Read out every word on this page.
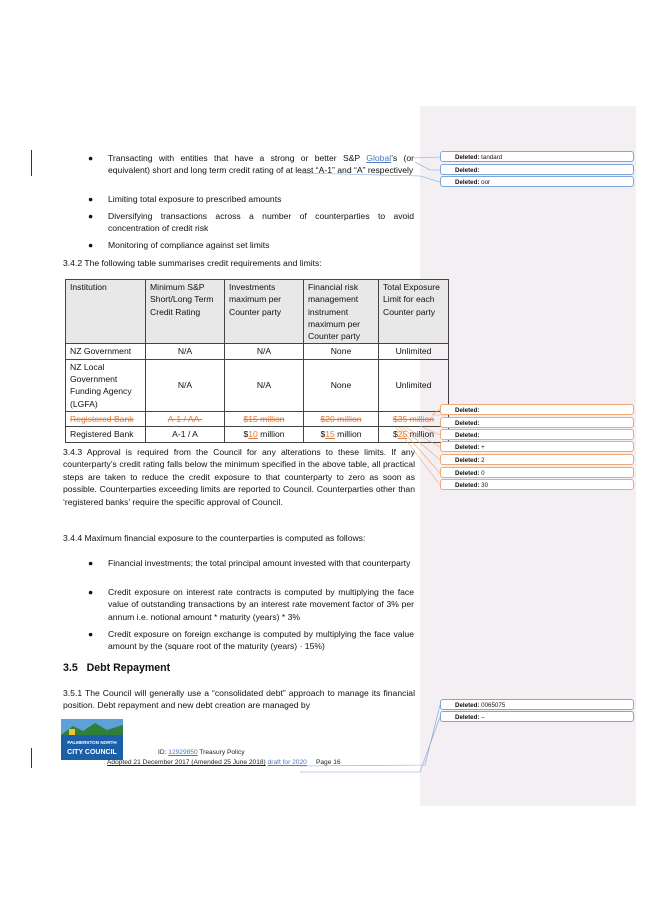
● Transacting with entities that have a strong or better S&P Global’s (or equivalent) short and long term credit rating of at least “A-1” and “A” respectively
● Limiting total exposure to prescribed amounts
● Diversifying transactions across a number of counterparties to avoid concentration of credit risk
● Monitoring of compliance against set limits
3.4.2 The following table summarises credit requirements and limits:
Institution	Minimum S&P Short/Long Term Credit Rating	Investments maximum per Counter party	Financial risk management instrument maximum per Counter party	Total Exposure Limit for each Counter party
NZ Government	N/A	N/A	None	Unlimited
NZ Local Government Funding Agency (LGFA)	N/A	N/A	None	Unlimited
Registered Bank	A-1 / AA-	$15 million	$20 million	$35 million
Registered Bank	A-1 / A	$10 million	$15 million	$25 million
3.4.3 Approval is required from the Council for any alterations to these limits. If any counterparty’s credit rating falls below the minimum specified in the above table, all practical steps are taken to reduce the credit exposure to that counterparty to zero as soon as possible. Counterparties exceeding limits are reported to Council. Counterparties other than ‘registered banks’ require the specific approval of Council.
3.4.4 Maximum financial exposure to the counterparties is computed as follows:
● Financial investments; the total principal amount invested with that counterparty
● Credit exposure on interest rate contracts is computed by multiplying the face value of outstanding transactions by an interest rate movement factor of 3% per annum i.e. notional amount * maturity (years) * 3%
● Credit exposure on foreign exchange is computed by multiplying the face value amount by the (square root of the maturity (years) · 15%)
3.5 Debt Repayment
3.5.1 The Council will generally use a “consolidated debt” approach to manage its financial position. Debt repayment and new debt creation are managed by
PALMERSTON NORTH
CITY COUNCIL	ID: 12929850 Treasury Policy
Adopted 21 December 2017 (Amended 25 June 2018) draft for 2020 Page 16
Deleted: tandard
Deleted:
Deleted: oor
Deleted:
Deleted:
Deleted:
Deleted: +
Deleted: 2
Deleted: 0
Deleted: 30
Deleted: 0065075
Deleted: –
